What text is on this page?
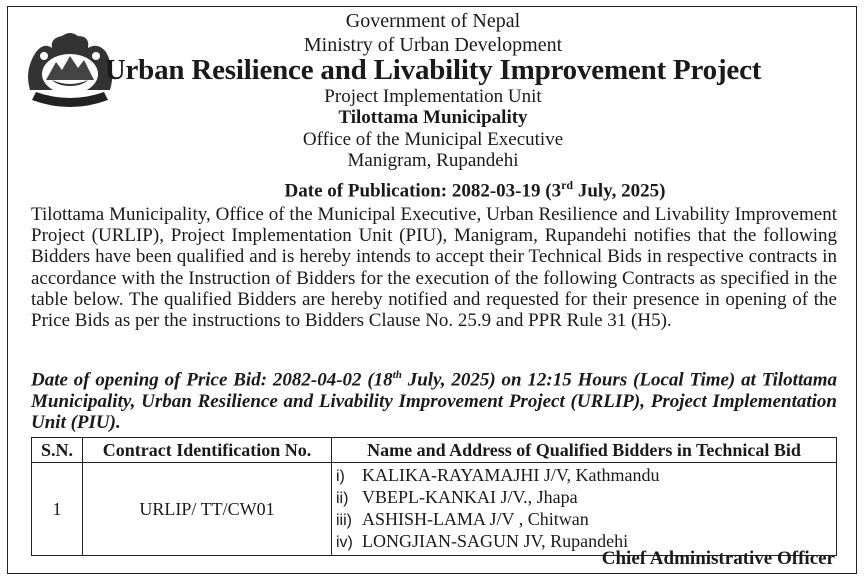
Government of Nepal
Ministry of Urban Development
Urban Resilience and Livability Improvement Project
Project Implementation Unit
Tilottama Municipality
Office of the Municipal Executive
Manigram, Rupandehi
Date of Publication: 2082-03-19 (3rd July, 2025)
Tilottama Municipality, Office of the Municipal Executive, Urban Resilience and Livability Improvement Project (URLIP), Project Implementation Unit (PIU), Manigram, Rupandehi notifies that the following Bidders have been qualified and is hereby intends to accept their Technical Bids in respective contracts in accordance with the Instruction of Bidders for the execution of the following Contracts as specified in the table below. The qualified Bidders are hereby notified and requested for their presence in opening of the Price Bids as per the instructions to Bidders Clause No. 25.9 and PPR Rule 31 (H5).
Date of opening of Price Bid: 2082-04-02 (18th July, 2025) on 12:15 Hours (Local Time) at Tilottama Municipality, Urban Resilience and Livability Improvement Project (URLIP), Project Implementation Unit (PIU).
S.N.	Contract Identification No.	Name and Address of Qualified Bidders in Technical Bid
1	URLIP/ TT/CW01	i) KALIKA-RAYAMAJHI J/V, Kathmandu
ii) VBEPL-KANKAI J/V., Jhapa
iii) ASHISH-LAMA J/V , Chitwan
iv) LONGJIAN-SAGUN JV, Rupandehi
Chief Administrative Officer
